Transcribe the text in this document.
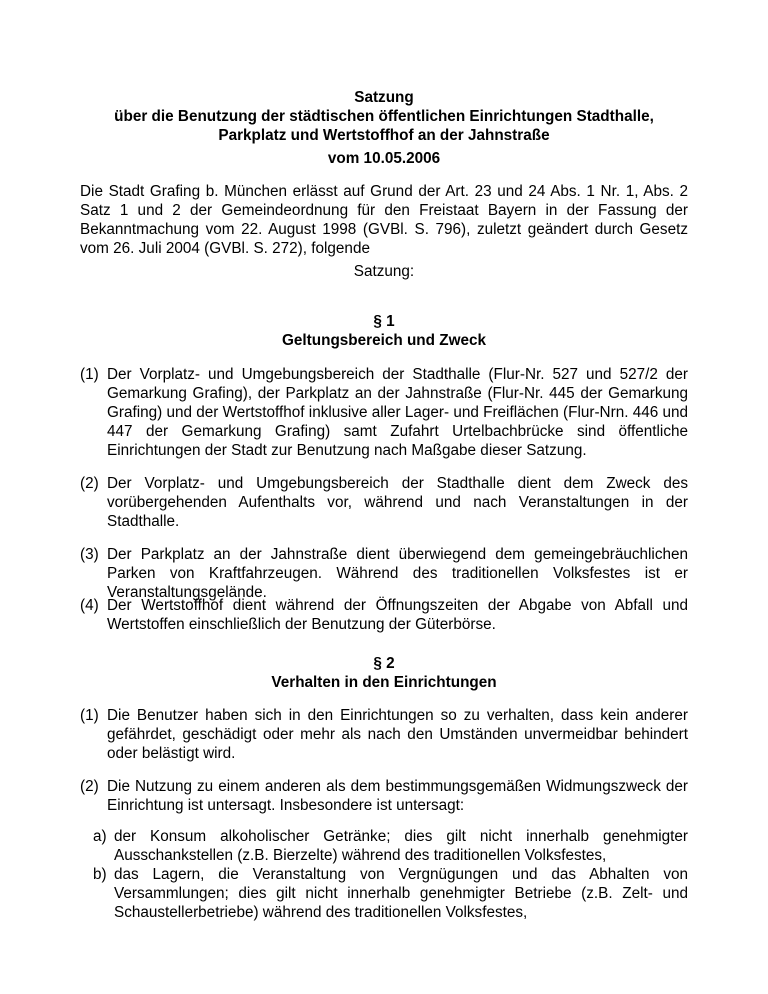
Satzung
über die Benutzung der städtischen öffentlichen Einrichtungen Stadthalle,
Parkplatz und Wertstoffhof an der Jahnstraße
vom 10.05.2006
Die Stadt Grafing b. München erlässt auf Grund der Art. 23 und 24 Abs. 1 Nr. 1, Abs. 2 Satz 1 und 2 der Gemeindeordnung für den Freistaat Bayern in der Fassung der Bekanntmachung vom 22. August 1998 (GVBl. S. 796), zuletzt geändert durch Gesetz vom 26. Juli 2004 (GVBl. S. 272), folgende
Satzung:
§ 1
Geltungsbereich und Zweck
(1) Der Vorplatz- und Umgebungsbereich der Stadthalle (Flur-Nr. 527 und 527/2 der Gemarkung Grafing), der Parkplatz an der Jahnstraße (Flur-Nr. 445 der Gemarkung Grafing) und der Wertstoffhof inklusive aller Lager- und Freiflächen (Flur-Nrn. 446 und 447 der Gemarkung Grafing) samt Zufahrt Urtelbachbrücke sind öffentliche Einrichtungen der Stadt zur Benutzung nach Maßgabe dieser Satzung.
(2) Der Vorplatz- und Umgebungsbereich der Stadthalle dient dem Zweck des vorübergehenden Aufenthalts vor, während und nach Veranstaltungen in der Stadthalle.
(3) Der Parkplatz an der Jahnstraße dient überwiegend dem gemeingebräuchlichen Parken von Kraftfahrzeugen. Während des traditionellen Volksfestes ist er Veranstaltungsgelände.
(4) Der Wertstoffhof dient während der Öffnungszeiten der Abgabe von Abfall und Wertstoffen einschließlich der Benutzung der Güterbörse.
§ 2
Verhalten in den Einrichtungen
(1) Die Benutzer haben sich in den Einrichtungen so zu verhalten, dass kein anderer gefährdet, geschädigt oder mehr als nach den Umständen unvermeidbar behindert oder belästigt wird.
(2) Die Nutzung zu einem anderen als dem bestimmungsgemäßen Widmungszweck der Einrichtung ist untersagt. Insbesondere ist untersagt:
a) der Konsum alkoholischer Getränke; dies gilt nicht innerhalb genehmigter Ausschankstellen (z.B. Bierzelte) während des traditionellen Volksfestes,
b) das Lagern, die Veranstaltung von Vergnügungen und das Abhalten von Versammlungen; dies gilt nicht innerhalb genehmigter Betriebe (z.B. Zelt- und Schaustellerbetriebe) während des traditionellen Volksfestes,
